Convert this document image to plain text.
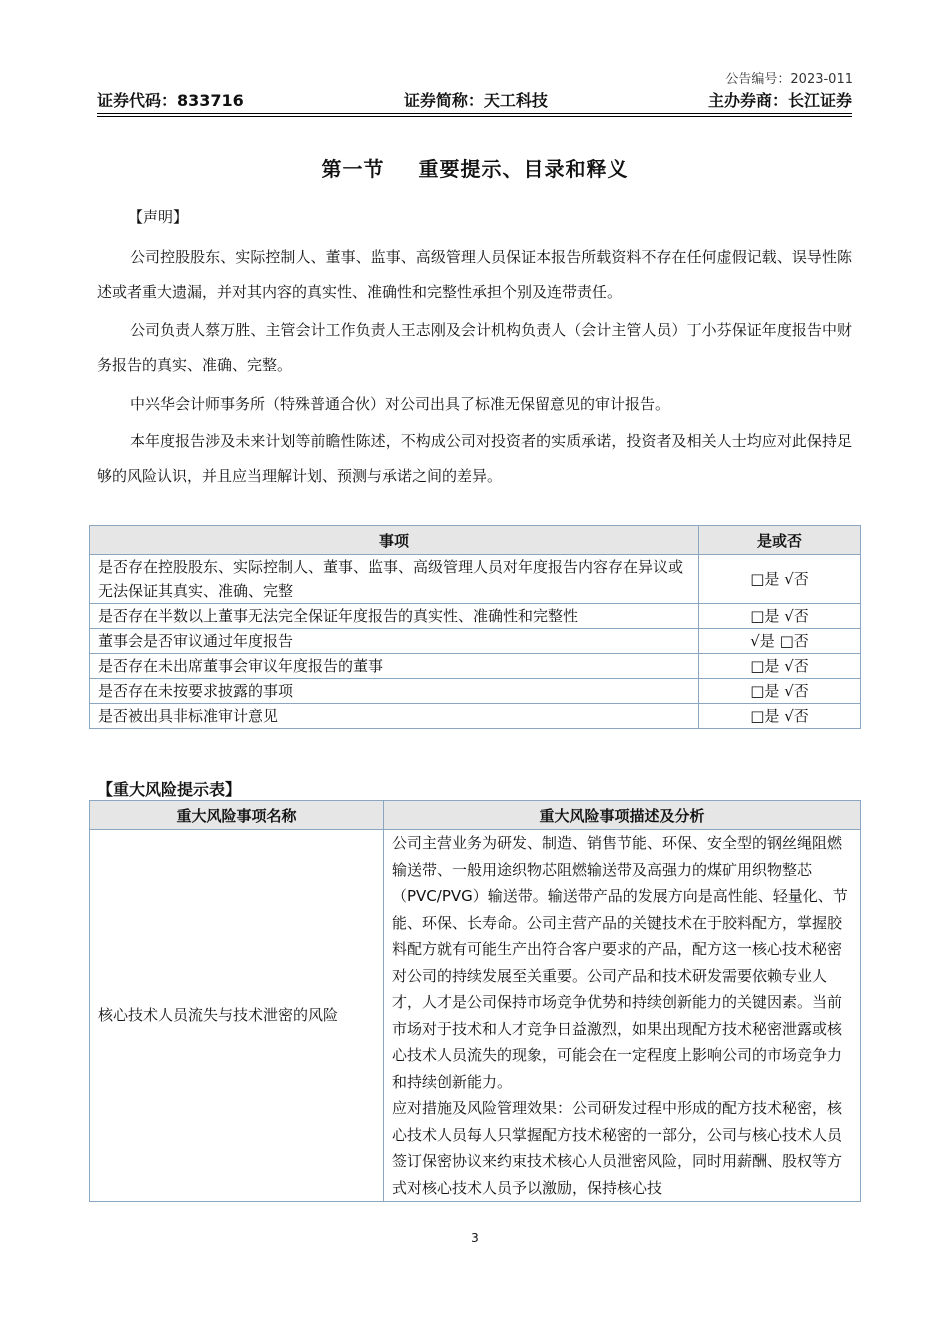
公告编号：2023-011
证券代码：833716	证券简称：天工科技	主办券商：长江证券
第一节 重要提示、目录和释义
【声明】

公司控股股东、实际控制人、董事、监事、高级管理人员保证本报告所载资料不存在任何虚假记载、误导性陈述或者重大遗漏，并对其内容的真实性、准确性和完整性承担个别及连带责任。

公司负责人蔡万胜、主管会计工作负责人王志刚及会计机构负责人（会计主管人员）丁小芬保证年度报告中财务报告的真实、准确、完整。

中兴华会计师事务所（特殊普通合伙）对公司出具了标准无保留意见的审计报告。

本年度报告涉及未来计划等前瞻性陈述，不构成公司对投资者的实质承诺，投资者及相关人士均应对此保持足够的风险认识，并且应当理解计划、预测与承诺之间的差异。

事项	是或否
是否存在控股股东、实际控制人、董事、监事、高级管理人员对年度报告内容存在异议或无法保证其真实、准确、完整	□是 √否
是否存在半数以上董事无法完全保证年度报告的真实性、准确性和完整性	□是 √否
董事会是否审议通过年度报告	√是 □否
是否存在未出席董事会审议年度报告的董事	□是 √否
是否存在未按要求披露的事项	□是 √否
是否被出具非标准审计意见	□是 √否
【重大风险提示表】
重大风险事项名称	重大风险事项描述及分析
核心技术人员流失与技术泄密的风险	公司主营业务为研发、制造、销售节能、环保、安全型的钢丝绳阻燃输送带、一般用途织物芯阻燃输送带及高强力的煤矿用织物整芯（PVC/PVG）输送带。输送带产品的发展方向是高性能、轻量化、节能、环保、长寿命。公司主营产品的关键技术在于胶料配方，掌握胶料配方就有可能生产出符合客户要求的产品，配方这一核心技术秘密对公司的持续发展至关重要。公司产品和技术研发需要依赖专业人才，人才是公司保持市场竞争优势和持续创新能力的关键因素。当前市场对于技术和人才竞争日益激烈，如果出现配方技术秘密泄露或核心技术人员流失的现象，可能会在一定程度上影响公司的市场竞争力和持续创新能力。
应对措施及风险管理效果：公司研发过程中形成的配方技术秘密，核心技术人员每人只掌握配方技术秘密的一部分，公司与核心技术人员签订保密协议来约束技术核心人员泄密风险，同时用薪酬、股权等方式对核心技术人员予以激励，保持核心技
3
